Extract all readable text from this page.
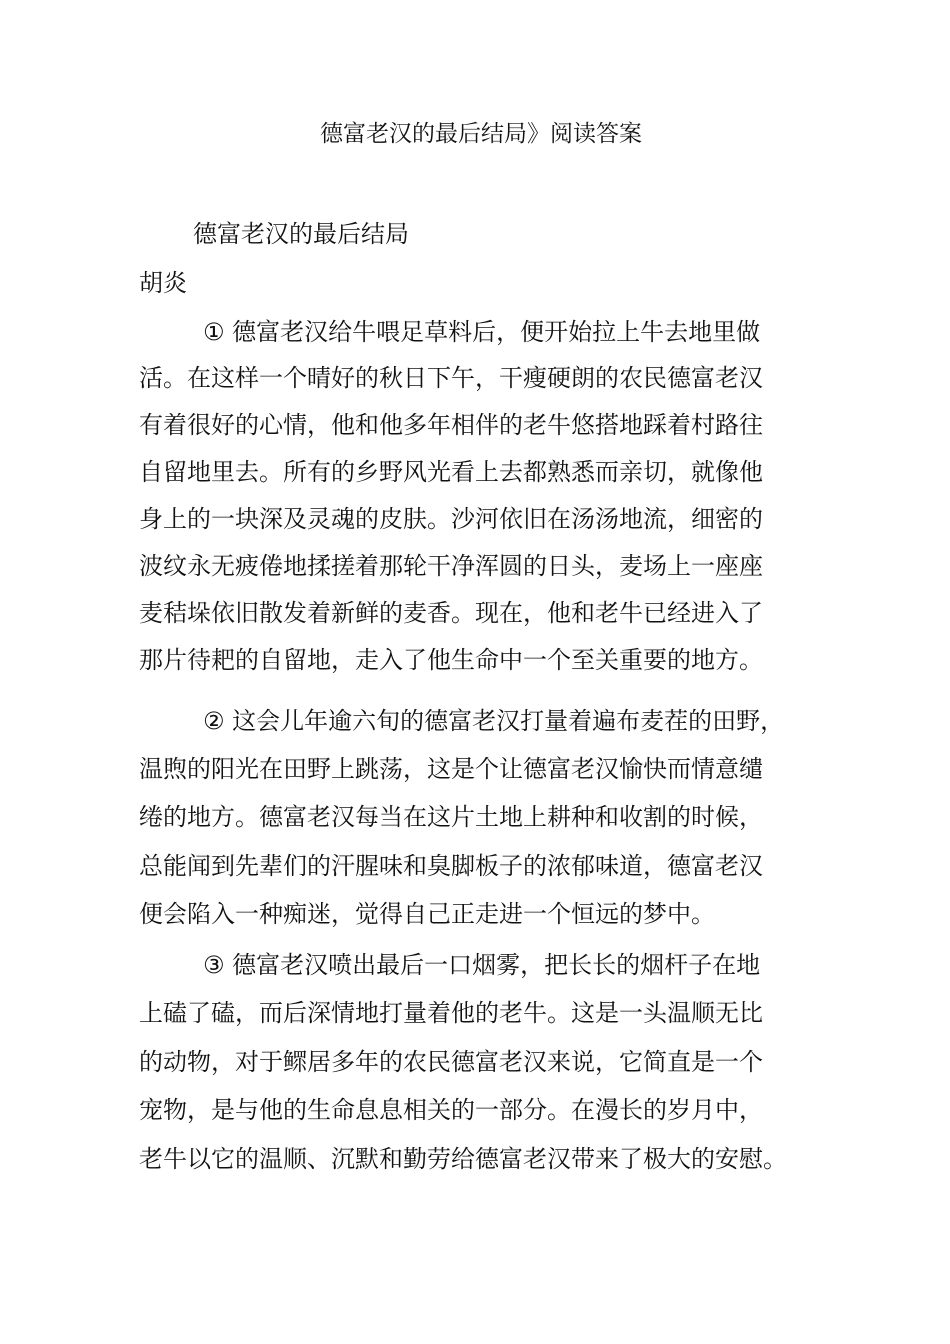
德富老汉的最后结局》阅读答案
德富老汉的最后结局
胡炎
① 德富老汉给牛喂足草料后，便开始拉上牛去地里做
活。在这样一个晴好的秋日下午，干瘦硬朗的农民德富老汉
有着很好的心情，他和他多年相伴的老牛悠搭地踩着村路往
自留地里去。所有的乡野风光看上去都熟悉而亲切，就像他
身上的一块深及灵魂的皮肤。沙河依旧在汤汤地流，细密的
波纹永无疲倦地揉搓着那轮干净浑圆的日头，麦场上一座座
麦秸垛依旧散发着新鲜的麦香。现在，他和老牛已经进入了
那片待耙的自留地，走入了他生命中一个至关重要的地方。
② 这会儿年逾六旬的德富老汉打量着遍布麦茬的田野，
温煦的阳光在田野上跳荡，这是个让德富老汉愉快而情意缱
绻的地方。德富老汉每当在这片土地上耕种和收割的时候，
总能闻到先辈们的汗腥味和臭脚板子的浓郁味道，德富老汉
便会陷入一种痴迷，觉得自己正走进一个恒远的梦中。
③ 德富老汉喷出最后一口烟雾，把长长的烟杆子在地
上磕了磕，而后深情地打量着他的老牛。这是一头温顺无比
的动物，对于鳏居多年的农民德富老汉来说，它简直是一个
宠物，是与他的生命息息相关的一部分。在漫长的岁月中，
老牛以它的温顺、沉默和勤劳给德富老汉带来了极大的安慰。
